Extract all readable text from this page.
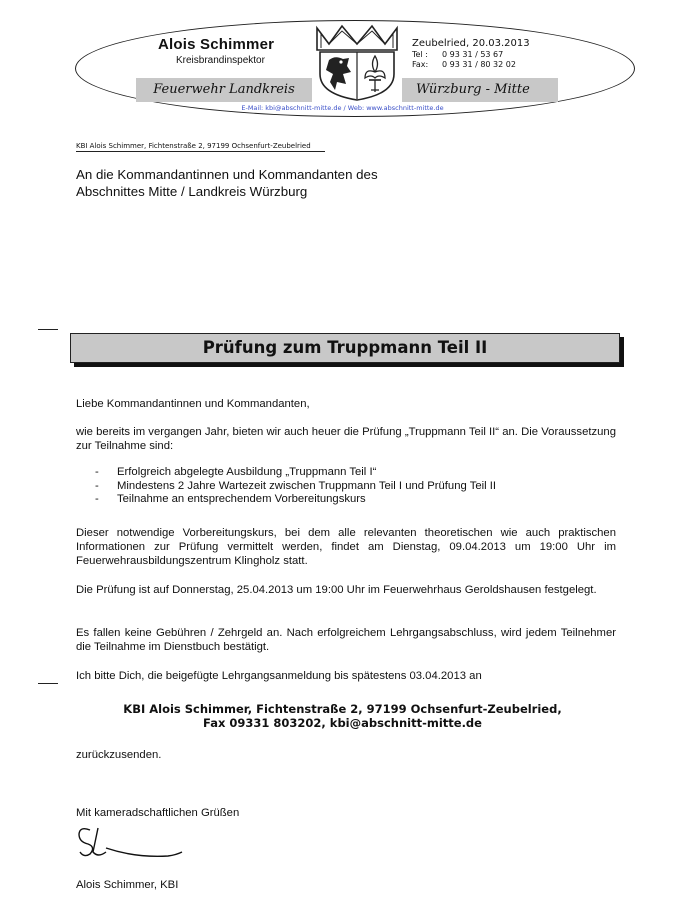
Alois Schimmer
Kreisbrandinspektor
Zeubelried, 20.03.2013
Tel : 0 93 31 / 53 67
Fax: 0 93 31 / 80 32 02
Feuerwehr Landkreis	Würzburg - Mitte
E-Mail: kbi@abschnitt-mitte.de / Web: www.abschnitt-mitte.de
KBI Alois Schimmer, Fichtenstraße 2, 97199 Ochsenfurt-Zeubelried
An die Kommandantinnen und Kommandanten des
Abschnittes Mitte / Landkreis Würzburg
Prüfung zum Truppmann Teil II
Liebe Kommandantinnen und Kommandanten,
wie bereits im vergangen Jahr, bieten wir auch heuer die Prüfung „Truppmann Teil II“ an. Die Voraussetzung zur Teilnahme sind:
- Erfolgreich abgelegte Ausbildung „Truppmann Teil I“
- Mindestens 2 Jahre Wartezeit zwischen Truppmann Teil I und Prüfung Teil II
- Teilnahme an entsprechendem Vorbereitungskurs
Dieser notwendige Vorbereitungskurs, bei dem alle relevanten theoretischen wie auch praktischen Informationen zur Prüfung vermittelt werden, findet am Dienstag, 09.04.2013 um 19:00 Uhr im Feuerwehrausbildungszentrum Klingholz statt.
Die Prüfung ist auf Donnerstag, 25.04.2013 um 19:00 Uhr im Feuerwehrhaus Geroldshausen festgelegt.
Es fallen keine Gebühren / Zehrgeld an. Nach erfolgreichem Lehrgangsabschluss, wird jedem Teilnehmer die Teilnahme im Dienstbuch bestätigt.
Ich bitte Dich, die beigefügte Lehrgangsanmeldung bis spätestens 03.04.2013 an
KBI Alois Schimmer, Fichtenstraße 2, 97199 Ochsenfurt-Zeubelried,
Fax 09331 803202, kbi@abschnitt-mitte.de
zurückzusenden.
Mit kameradschaftlichen Grüßen
Alois Schimmer, KBI
